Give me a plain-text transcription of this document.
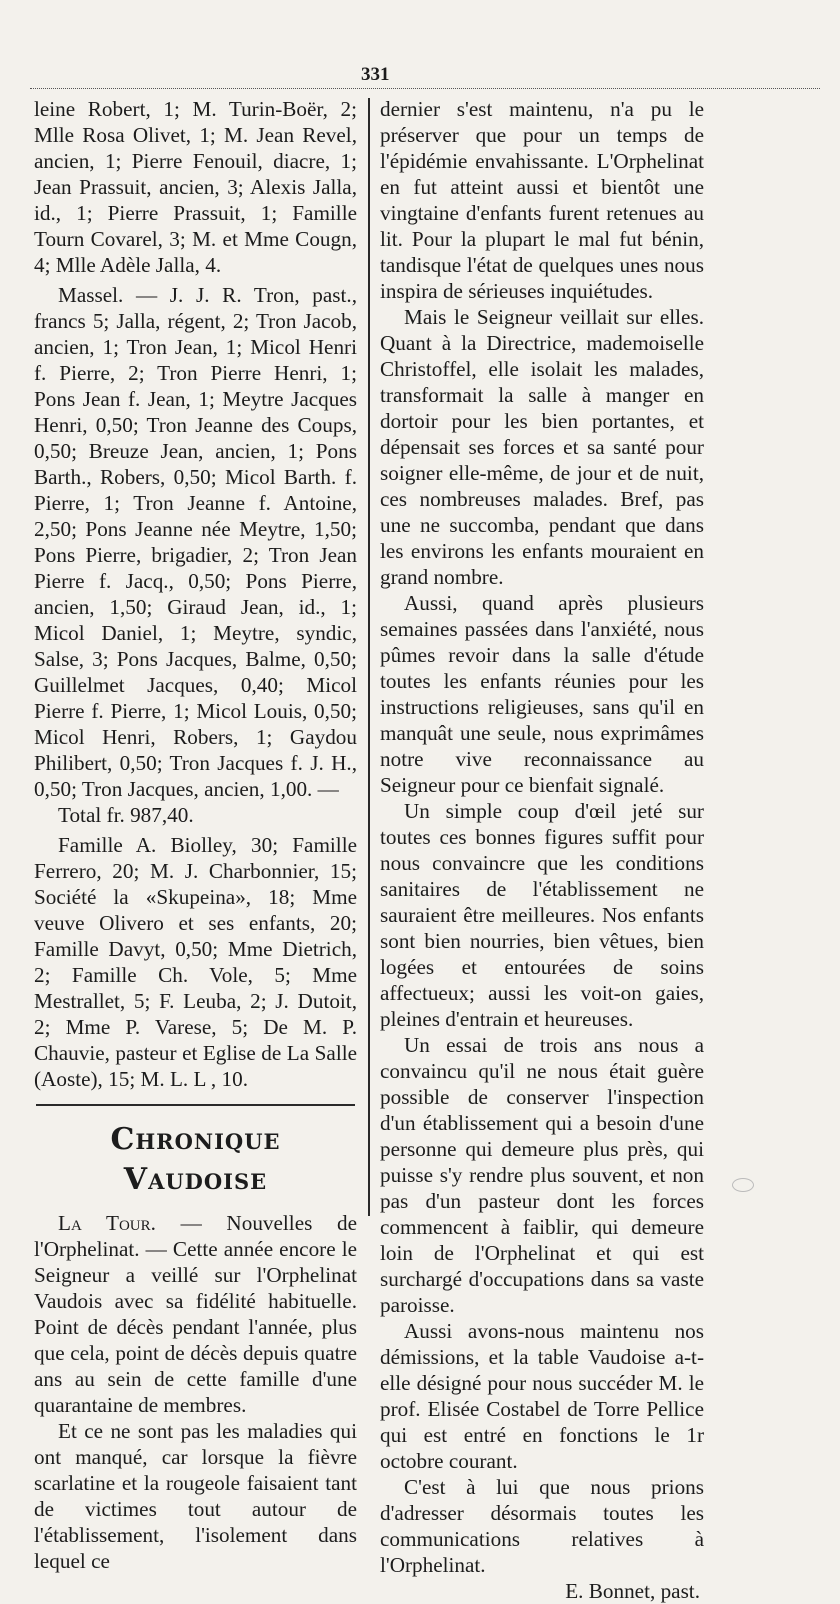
331

leine Robert, 1; M. Turin-Boër, 2; Mlle Rosa Olivet, 1; M. Jean Revel, ancien, 1; Pierre Fenouil, diacre, 1; Jean Prassuit, ancien, 3; Alexis Jalla, id., 1; Pierre Prassuit, 1; Famille Tourn Covarel, 3; M. et Mme Cougn, 4; Mlle Adèle Jalla, 4.

Massel. — J. J. R. Tron, past., francs 5; Jalla, régent, 2; Tron Jacob, ancien, 1; Tron Jean, 1; Micol Henri f. Pierre, 2; Tron Pierre Henri, 1; Pons Jean f. Jean, 1; Meytre Jacques Henri, 0,50; Tron Jeanne des Coups, 0,50; Breuze Jean, ancien, 1; Pons Barth., Robers, 0,50; Micol Barth. f. Pierre, 1; Tron Jeanne f. Antoine, 2,50; Pons Jeanne née Meytre, 1,50; Pons Pierre, brigadier, 2; Tron Jean Pierre f. Jacq., 0,50; Pons Pierre, ancien, 1,50; Giraud Jean, id., 1; Micol Daniel, 1; Meytre, syndic, Salse, 3; Pons Jacques, Balme, 0,50; Guillelmet Jacques, 0,40; Micol Pierre f. Pierre, 1; Micol Louis, 0,50; Micol Henri, Robers, 1; Gaydou Philibert, 0,50; Tron Jacques f. J. H., 0,50; Tron Jacques, ancien, 1,00. —

Total fr. 987,40.

Famille A. Biolley, 30; Famille Ferrero, 20; M. J. Charbonnier, 15; Société la «Skupeina», 18; Mme veuve Olivero et ses enfants, 20; Famille Davyt, 0,50; Mme Dietrich, 2; Famille Ch. Vole, 5; Mme Mestrallet, 5; F. Leuba, 2; J. Dutoit, 2; Mme P. Varese, 5; De M. P. Chauvie, pasteur et Eglise de La Salle (Aoste), 15; M. L. L , 10.

Chronique Vaudoise

La Tour. — Nouvelles de l'Orphelinat. — Cette année encore le Seigneur a veillé sur l'Orphelinat Vaudois avec sa fidélité habituelle. Point de décès pendant l'année, plus que cela, point de décès depuis quatre ans au sein de cette famille d'une quarantaine de membres.

Et ce ne sont pas les maladies qui ont manqué, car lorsque la fièvre scarlatine et la rougeole faisaient tant de victimes tout autour de l'établissement, l'isolement dans lequel ce

dernier s'est maintenu, n'a pu le préserver que pour un temps de l'épidémie envahissante. L'Orphelinat en fut atteint aussi et bientôt une vingtaine d'enfants furent retenues au lit. Pour la plupart le mal fut bénin, tandisque l'état de quelques unes nous inspira de sérieuses inquiétudes.

Mais le Seigneur veillait sur elles. Quant à la Directrice, mademoiselle Christoffel, elle isolait les malades, transformait la salle à manger en dortoir pour les bien portantes, et dépensait ses forces et sa santé pour soigner elle-même, de jour et de nuit, ces nombreuses malades. Bref, pas une ne succomba, pendant que dans les environs les enfants mouraient en grand nombre.

Aussi, quand après plusieurs semaines passées dans l'anxiété, nous pûmes revoir dans la salle d'étude toutes les enfants réunies pour les instructions religieuses, sans qu'il en manquât une seule, nous exprimâmes notre vive reconnaissance au Seigneur pour ce bienfait signalé.

Un simple coup d'œil jeté sur toutes ces bonnes figures suffit pour nous convaincre que les conditions sanitaires de l'établissement ne sauraient être meilleures. Nos enfants sont bien nourries, bien vêtues, bien logées et entourées de soins affectueux; aussi les voit-on gaies, pleines d'entrain et heureuses.

Un essai de trois ans nous a convaincu qu'il ne nous était guère possible de conserver l'inspection d'un établissement qui a besoin d'une personne qui demeure plus près, qui puisse s'y rendre plus souvent, et non pas d'un pasteur dont les forces commencent à faiblir, qui demeure loin de l'Orphelinat et qui est surchargé d'occupations dans sa vaste paroisse.

Aussi avons-nous maintenu nos démissions, et la table Vaudoise a-t-elle désigné pour nous succéder M. le prof. Elisée Costabel de Torre Pellice qui est entré en fonctions le 1r octobre courant.

C'est à lui que nous prions d'adresser désormais toutes les communications relatives à l'Orphelinat.

E. Bonnet, past.
